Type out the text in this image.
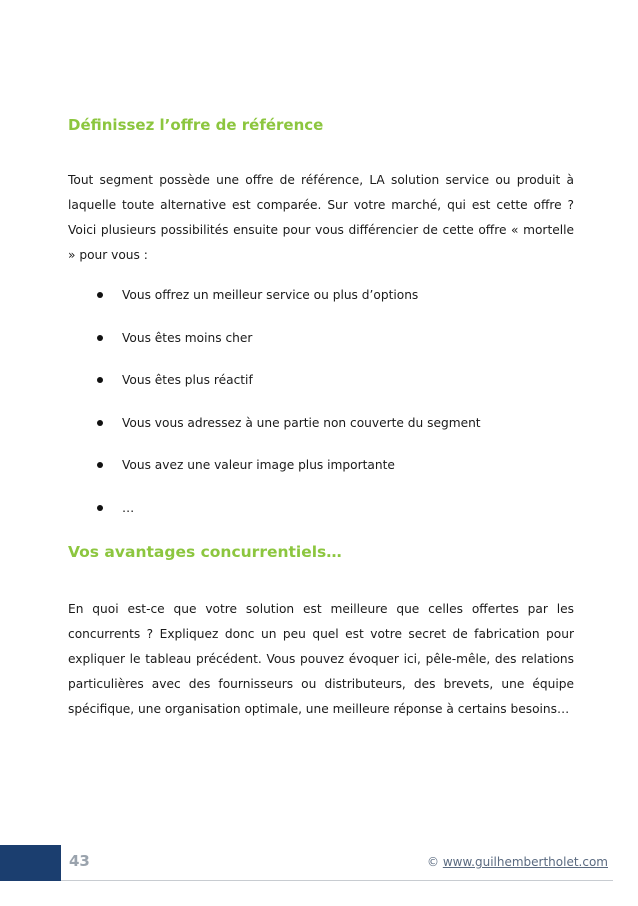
Définissez l’offre de référence

Tout segment possède une offre de référence, LA solution service ou produit à laquelle toute alternative est comparée. Sur votre marché, qui est cette offre ? Voici plusieurs possibilités ensuite pour vous différencier de cette offre « mortelle » pour vous :

Vous offrez un meilleur service ou plus d’options
Vous êtes moins cher
Vous êtes plus réactif
Vous vous adressez à une partie non couverte du segment
Vous avez une valeur image plus importante
…
Vos avantages concurrentiels…

En quoi est-ce que votre solution est meilleure que celles offertes par les concurrents ? Expliquez donc un peu quel est votre secret de fabrication pour expliquer le tableau précédent. Vous pouvez évoquer ici, pêle-mêle, des relations particulières avec des fournisseurs ou distributeurs, des brevets, une équipe spécifique, une organisation optimale, une meilleure réponse à certains besoins…

43	© www.guilhembertholet.com
